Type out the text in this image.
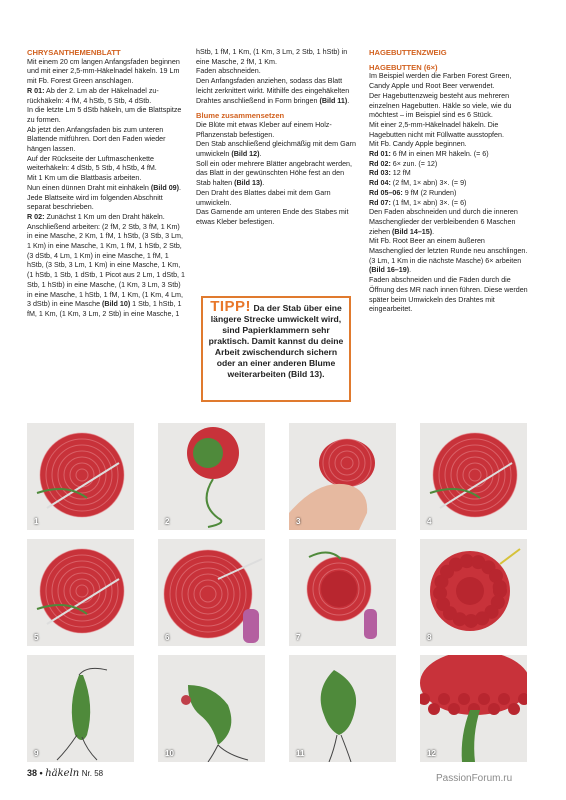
CHRYSANTHEMENBLATT

Mit einem 20 cm langen Anfangsfaden beginnen und mit einer 2,5-mm-Häkelnadel häkeln. 19 Lm mit Fb. Forest Green anschlagen.

R 01: Ab der 2. Lm ab der Häkelnadel zurückhäkeln: 4 fM, 4 hStb, 5 Stb, 4 dStb.

In die letzte Lm 5 dStb häkeln, um die Blattspitze zu formen.

Ab jetzt den Anfangsfaden bis zum unteren Blattende mitführen. Dort den Faden wieder hängen lassen.

Auf der Rückseite der Luftmaschenkette weiterhäkeln: 4 dStb, 5 Stb, 4 hStb, 4 fM.

Mit 1 Km um die Blattbasis arbeiten.

Nun einen dünnen Draht mit einhäkeln (Bild 09).

Jede Blattseite wird im folgenden Abschnitt separat beschrieben.

R 02: Zunächst 1 Km um den Draht häkeln. Anschließend arbeiten: (2 fM, 2 Stb, 3 fM, 1 Km) in eine Masche, 2 Km, 1 fM, 1 hStb, (3 Stb, 3 Lm, 1 Km) in eine Masche, 1 Km, 1 fM, 1 hStb, 2 Stb, (3 dStb, 4 Lm, 1 Km) in eine Masche, 1 fM, 1 hStb, (3 Stb, 3 Lm, 1 Km) in eine Masche, 1 Km, (1 hStb, 1 Stb, 1 dStb, 1 Picot aus 2 Lm, 1 dStb, 1 Stb, 1 hStb) in eine Masche, (1 Km, 3 Lm, 3 Stb) in eine Masche, 1 hStb, 1 fM, 1 Km, (1 Km, 4 Lm, 3 dStb) in eine Masche (Bild 10) 1 Stb, 1 hStb, 1 fM, 1 Km, (1 Km, 3 Lm, 2 Stb) in eine Masche, 1

hStb, 1 fM, 1 Km, (1 Km, 3 Lm, 2 Stb, 1 hStb) in eine Masche, 2 fM, 1 Km.

Faden abschneiden.

Den Anfangsfaden anziehen, sodass das Blatt leicht zerknittert wirkt. Mithilfe des eingehäkelten Drahtes anschließend in Form bringen (Bild 11).

Blume zusammensetzen

Die Blüte mit etwas Kleber auf einem HolzPflanzenstab befestigen.

Den Stab anschließend gleichmäßig mit dem Garn umwickeln (Bild 12).

Soll ein oder mehrere Blätter angebracht werden, das Blatt in der gewünschten Höhe fest an den Stab halten (Bild 13).

Den Draht des Blattes dabei mit dem Garn umwickeln.

Das Garnende am unteren Ende des Stabes mit etwas Kleber befestigen.

HAGEBUTTENZWEIG

HAGEBUTTEN (6×)

Im Beispiel werden die Farben Forest Green, Candy Apple und Root Beer verwendet.

Der Hagebuttenzweig besteht aus mehreren einzelnen Hagebutten. Häkle so viele, wie du möchtest – im Beispiel sind es 6 Stück.

Mit einer 2,5-mm-Häkelnadel häkeln. Die Hagebutten nicht mit Füllwatte ausstopfen.

Mit Fb. Candy Apple beginnen.

Rd 01: 6 fM in einen MR häkeln. (= 6)

Rd 02: 6× zun. (= 12)

Rd 03: 12 fM

Rd 04: (2 fM, 1× abn) 3×. (= 9)

Rd 05–06: 9 fM (2 Runden)

Rd 07: (1 fM, 1× abn) 3×. (= 6)

Den Faden abschneiden und durch die inneren Maschenglieder der verbleibenden 6 Maschen ziehen (Bild 14–15).

Mit Fb. Root Beer an einem äußeren Maschenglied der letzten Runde neu anschlingen.

(3 Lm, 1 Km in die nächste Masche) 6× arbeiten (Bild 16–19).

Faden abschneiden und die Fäden durch die Öffnung des MR nach innen führen. Diese werden später beim Umwickeln des Drahtes mit eingearbeitet.

TIPP! Da der Stab über eine
längere Strecke umwickelt wird, sind Papierklammern sehr praktisch. Damit kannst du deine Arbeit zwischendurch sichern oder an einer anderen Blume weiterarbeiten (Bild 13).
1	2	3	4
5	6	7	8
9	10	11	12
38 • häkeln Nr. 58	PassionForum.ru
